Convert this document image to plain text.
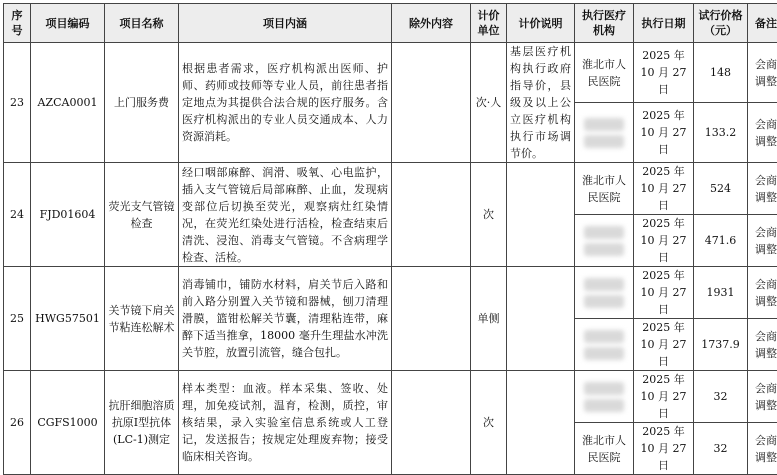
序号	项目编码	项目名称	项目内涵	除外内容	计价单位	计价说明	执行医疗机构	执行日期	试行价格（元）	备注
23	AZCA0001	上门服务费	根据患者需求，医疗机构派出医师、护师、药师或技师等专业人员，前往患者指定地点为其提供合法合规的医疗服务。含医疗机构派出的专业人员交通成本、人力资源消耗。		次·人	基层医疗机构执行政府指导价，县级及以上公立医疗机构执行市场调节价。	淮北市人民医院	2025 年 10 月 27 日	148	会商调整

								2025 年 10 月 27 日	133.2	会商调整
24	FJD01604	荧光支气管镜检查	经口咽部麻醉、润滑、吸氧、心电监护，插入支气管镜后局部麻醉、止血，发现病变部位后切换至荧光，观察病灶红染情况，在荧光红染处进行活检，检查结束后清洗、浸泡、消毒支气管镜。不含病理学检查、活检。		次		淮北市人民医院	2025 年 10 月 27 日	524	会商调整

								2025 年 10 月 27 日	471.6	会商调整
25	HWG57501	关节镜下肩关节粘连松解术	消毒铺巾，铺防水材料，肩关节后入路和前入路分别置入关节镜和器械，刨刀清理滑膜，篮钳松解关节囊，清理粘连带，麻醉下适当推拿，18000 毫升生理盐水冲洗关节腔，放置引流管，缝合包扎。		单侧			2025 年 10 月 27 日	1931	会商调整

								2025 年 10 月 27 日	1737.9	会商调整
26	CGFS1000	抗肝细胞溶质抗原I型抗体(LC-1)测定	样本类型：血液。样本采集、签收、处理，加免疫试剂，温育，检测，质控，审核结果，录入实验室信息系统或人工登记，发送报告；按规定处理废弃物；接受临床相关咨询。		次			2025 年 10 月 27 日	32	会商调整
							淮北市人民医院	2025 年 10 月 27 日	32	会商调整
